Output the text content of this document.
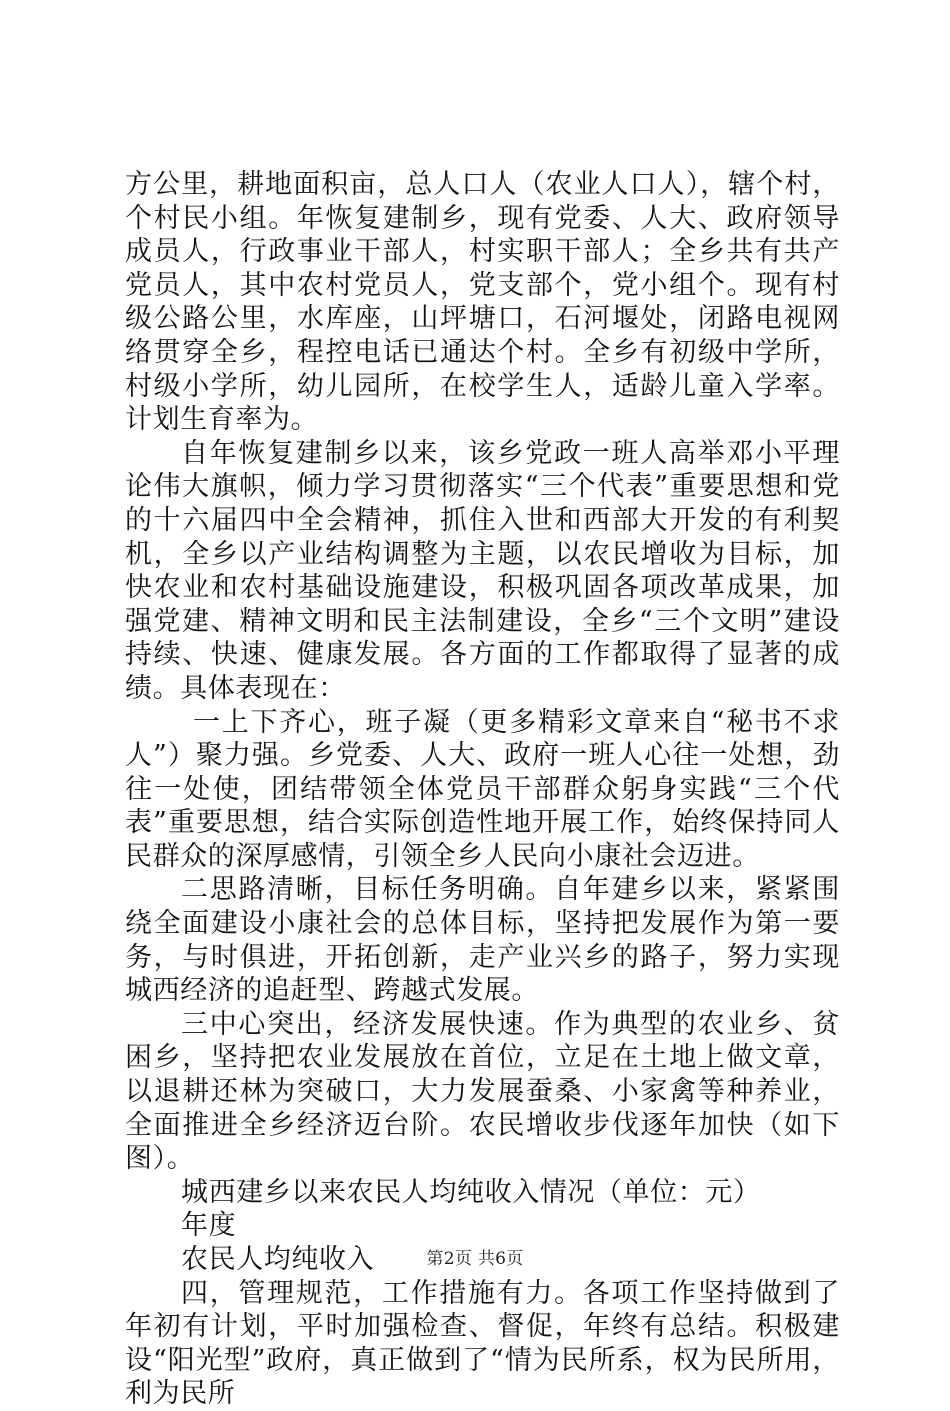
方公里，耕地面积亩，总人口人（农业人口人），辖个村，个村民小组。年恢复建制乡，现有党委、人大、政府领导成员人，行政事业干部人，村实职干部人；全乡共有共产党员人，其中农村党员人，党支部个，党小组个。现有村级公路公里，水库座，山坪塘口，石河堰处，闭路电视网络贯穿全乡，程控电话已通达个村。全乡有初级中学所，村级小学所，幼儿园所，在校学生人，适龄儿童入学率。计划生育率为。

自年恢复建制乡以来，该乡党政一班人高举邓小平理论伟大旗帜，倾力学习贯彻落实“三个代表”重要思想和党的十六届四中全会精神，抓住入世和西部大开发的有利契机，全乡以产业结构调整为主题，以农民增收为目标，加快农业和农村基础设施建设，积极巩固各项改革成果，加强党建、精神文明和民主法制建设，全乡“三个文明”建设持续、快速、健康发展。各方面的工作都取得了显著的成绩。具体表现在：

一上下齐心，班子凝（更多精彩文章来自“秘书不求人”）聚力强。乡党委、人大、政府一班人心往一处想，劲往一处使，团结带领全体党员干部群众躬身实践“三个代表”重要思想，结合实际创造性地开展工作，始终保持同人民群众的深厚感情，引领全乡人民向小康社会迈进。

二思路清晰，目标任务明确。自年建乡以来，紧紧围绕全面建设小康社会的总体目标，坚持把发展作为第一要务，与时俱进，开拓创新，走产业兴乡的路子，努力实现城西经济的追赶型、跨越式发展。

三中心突出，经济发展快速。作为典型的农业乡、贫困乡，坚持把农业发展放在首位，立足在土地上做文章，以退耕还林为突破口，大力发展蚕桑、小家禽等种养业，全面推进全乡经济迈台阶。农民增收步伐逐年加快（如下图）。

城西建乡以来农民人均纯收入情况（单位：元）

年度

农民人均纯收入

四，管理规范，工作措施有力。各项工作坚持做到了年初有计划，平时加强检查、督促，年终有总结。积极建设“阳光型”政府，真正做到了“情为民所系，权为民所用，利为民所

第2页 共6页
